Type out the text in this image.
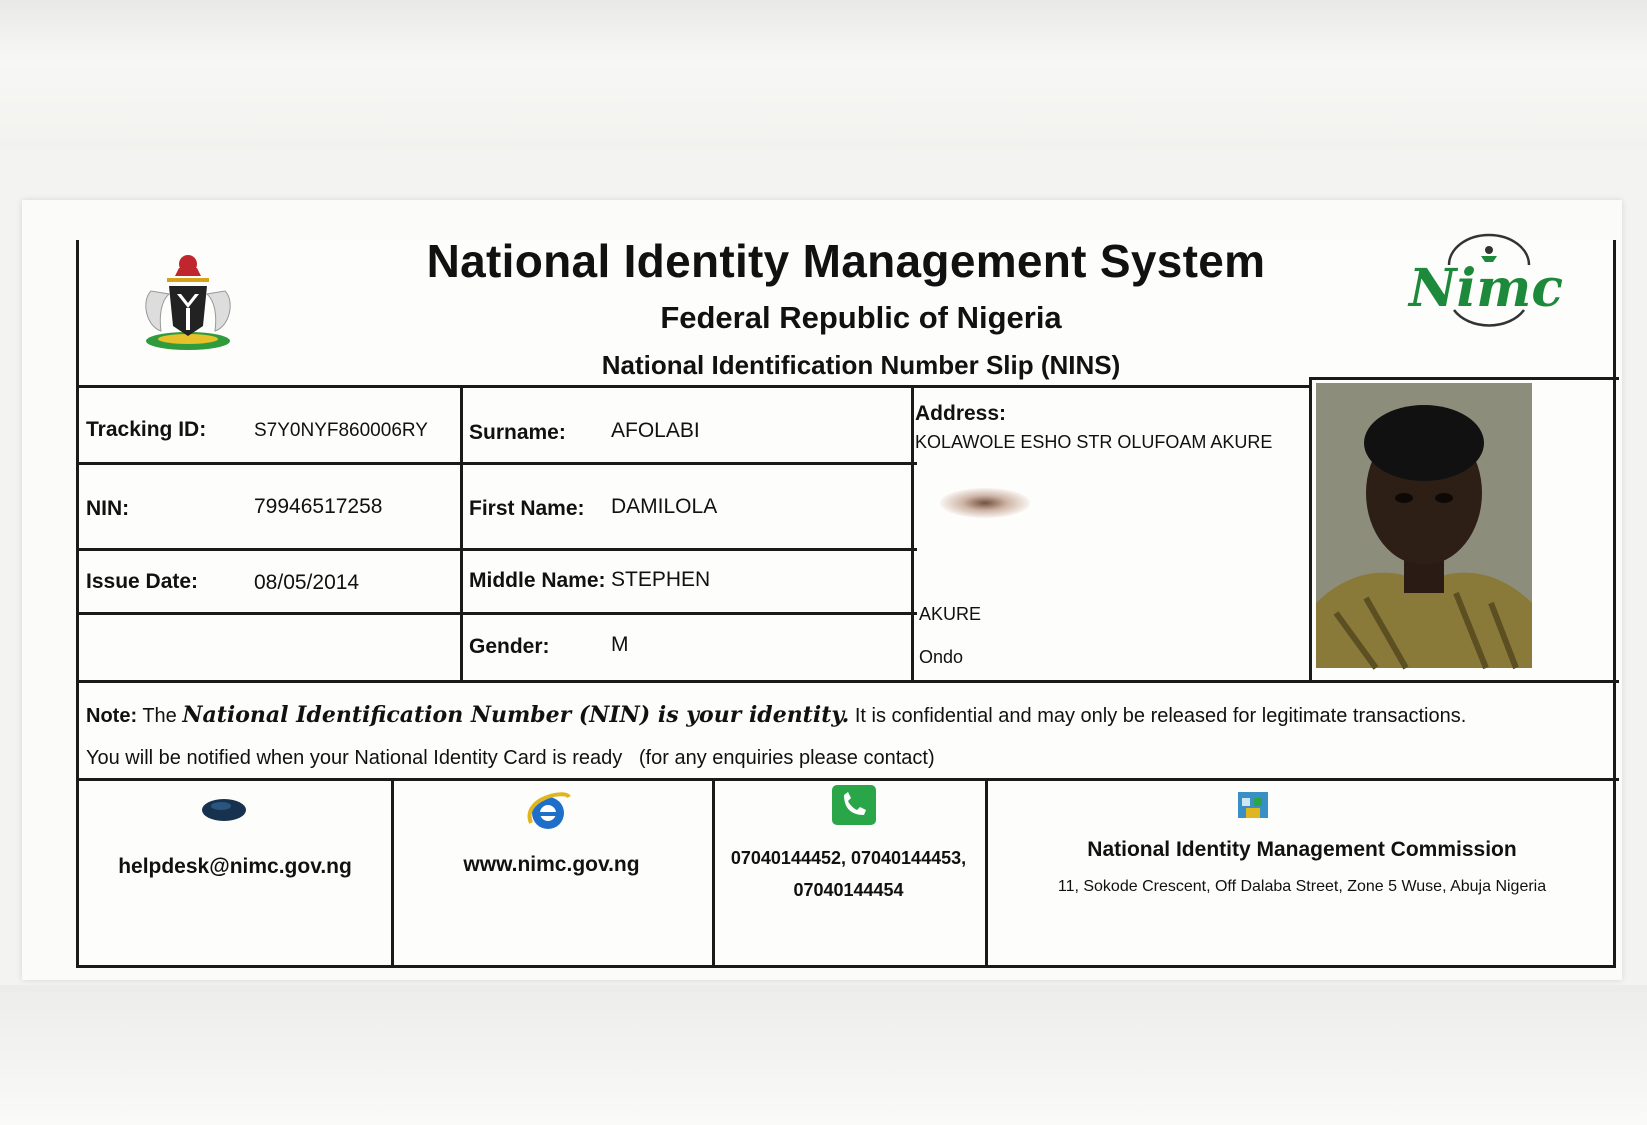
National Identity Management System
Federal Republic of Nigeria
National Identification Number Slip (NINS)
Nimc
Tracking ID:	S7Y0NYF860006RY
NIN:	79946517258
Issue Date:	08/05/2014
Surname: AFOLABI
First Name: DAMILOLA
Middle Name: STEPHEN
Gender:	M
Address:
KOLAWOLE ESHO STR OLUFOAM AKURE
AKURE
Ondo
Note: The National Identification Number (NIN) is your identity. It is confidential and may only be released for legitimate transactions.
You will be notified when your National Identity Card is ready   (for any enquiries please contact)
helpdesk@nimc.gov.ng	www.nimc.gov.ng	07040144452, 07040144453,
07040144454
National Identity Management Commission
11, Sokode Crescent, Off Dalaba Street, Zone 5 Wuse, Abuja Nigeria
